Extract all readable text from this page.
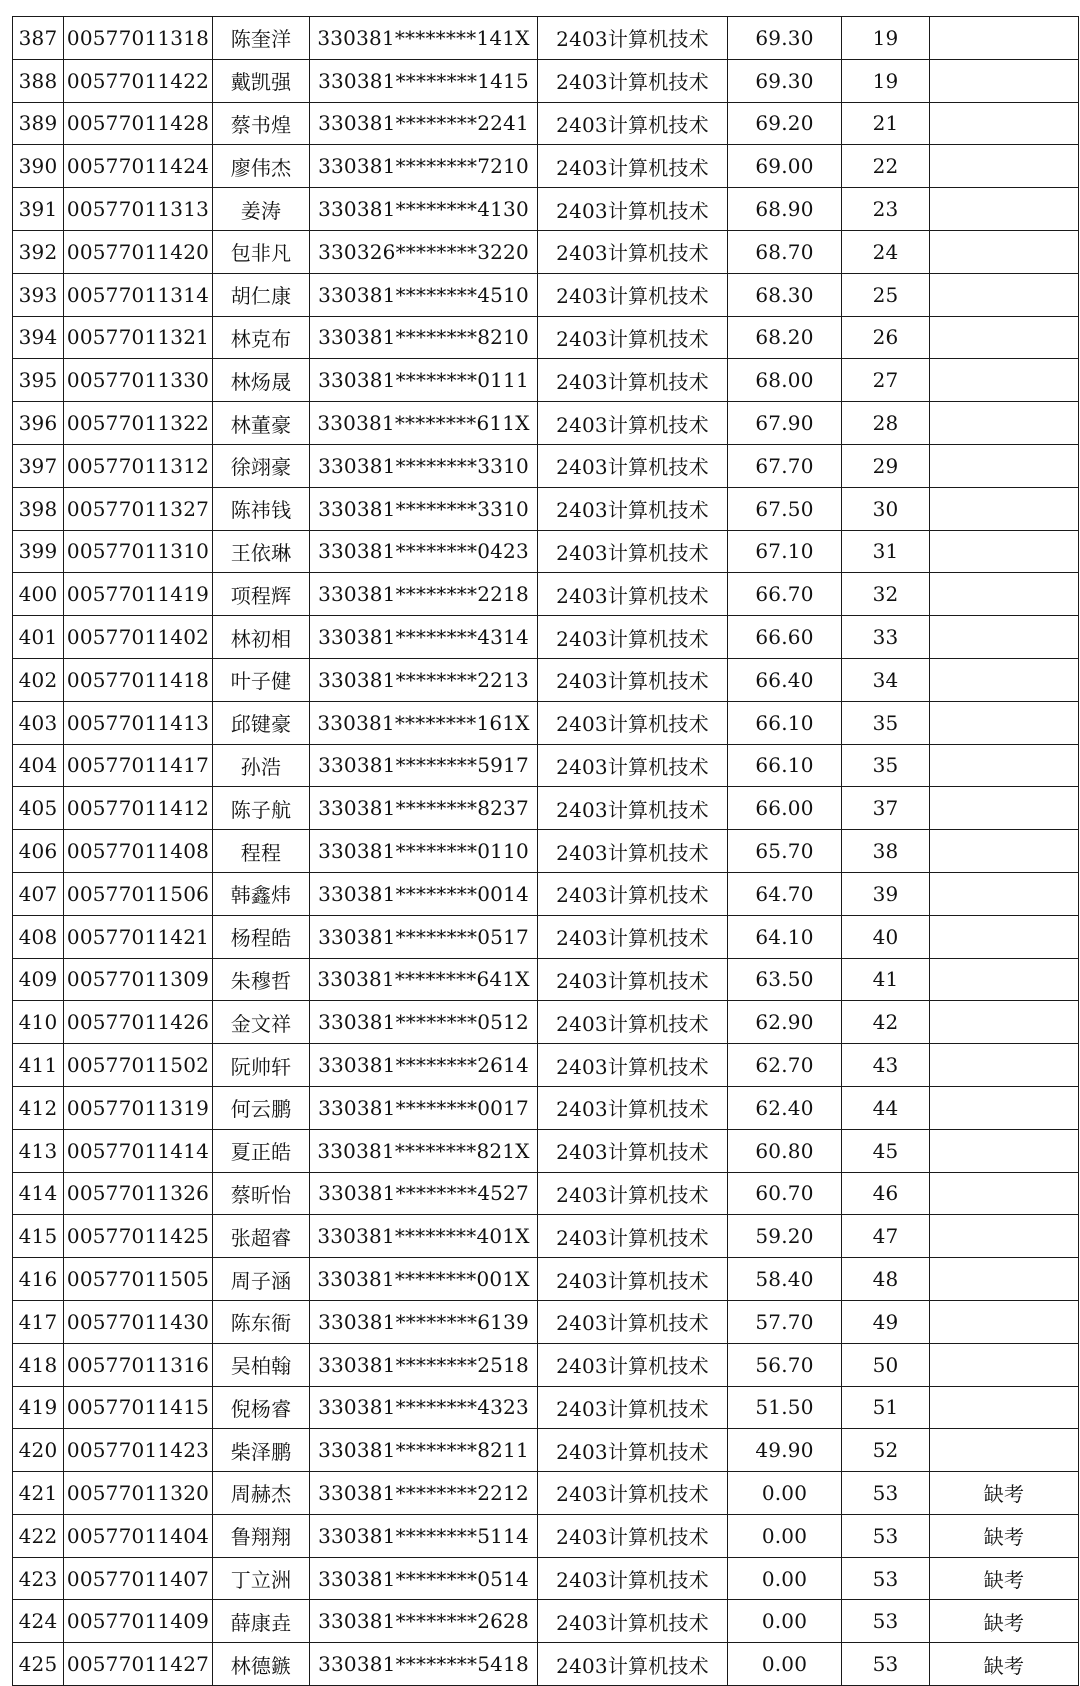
387	00577011318	陈奎洋	330381********141X	2403计算机技术	69.30	19	
388	00577011422	戴凯强	330381********1415	2403计算机技术	69.30	19	
389	00577011428	蔡书煌	330381********2241	2403计算机技术	69.20	21	
390	00577011424	廖伟杰	330381********7210	2403计算机技术	69.00	22	
391	00577011313	姜涛	330381********4130	2403计算机技术	68.90	23	
392	00577011420	包非凡	330326********3220	2403计算机技术	68.70	24	
393	00577011314	胡仁康	330381********4510	2403计算机技术	68.30	25	
394	00577011321	林克布	330381********8210	2403计算机技术	68.20	26	
395	00577011330	林炀晟	330381********0111	2403计算机技术	68.00	27	
396	00577011322	林董豪	330381********611X	2403计算机技术	67.90	28	
397	00577011312	徐翊豪	330381********3310	2403计算机技术	67.70	29	
398	00577011327	陈祎钱	330381********3310	2403计算机技术	67.50	30	
399	00577011310	王依琳	330381********0423	2403计算机技术	67.10	31	
400	00577011419	项程辉	330381********2218	2403计算机技术	66.70	32	
401	00577011402	林初相	330381********4314	2403计算机技术	66.60	33	
402	00577011418	叶子健	330381********2213	2403计算机技术	66.40	34	
403	00577011413	邱键豪	330381********161X	2403计算机技术	66.10	35	
404	00577011417	孙浩	330381********5917	2403计算机技术	66.10	35	
405	00577011412	陈子航	330381********8237	2403计算机技术	66.00	37	
406	00577011408	程程	330381********0110	2403计算机技术	65.70	38	
407	00577011506	韩鑫炜	330381********0014	2403计算机技术	64.70	39	
408	00577011421	杨程皓	330381********0517	2403计算机技术	64.10	40	
409	00577011309	朱穆哲	330381********641X	2403计算机技术	63.50	41	
410	00577011426	金文祥	330381********0512	2403计算机技术	62.90	42	
411	00577011502	阮帅轩	330381********2614	2403计算机技术	62.70	43	
412	00577011319	何云鹏	330381********0017	2403计算机技术	62.40	44	
413	00577011414	夏正皓	330381********821X	2403计算机技术	60.80	45	
414	00577011326	蔡昕怡	330381********4527	2403计算机技术	60.70	46	
415	00577011425	张超睿	330381********401X	2403计算机技术	59.20	47	
416	00577011505	周子涵	330381********001X	2403计算机技术	58.40	48	
417	00577011430	陈东衙	330381********6139	2403计算机技术	57.70	49	
418	00577011316	吴柏翰	330381********2518	2403计算机技术	56.70	50	
419	00577011415	倪杨睿	330381********4323	2403计算机技术	51.50	51	
420	00577011423	柴泽鹏	330381********8211	2403计算机技术	49.90	52	
421	00577011320	周赫杰	330381********2212	2403计算机技术	0.00	53	缺考
422	00577011404	鲁翔翔	330381********5114	2403计算机技术	0.00	53	缺考
423	00577011407	丁立洲	330381********0514	2403计算机技术	0.00	53	缺考
424	00577011409	薛康垚	330381********2628	2403计算机技术	0.00	53	缺考
425	00577011427	林德鏃	330381********5418	2403计算机技术	0.00	53	缺考
